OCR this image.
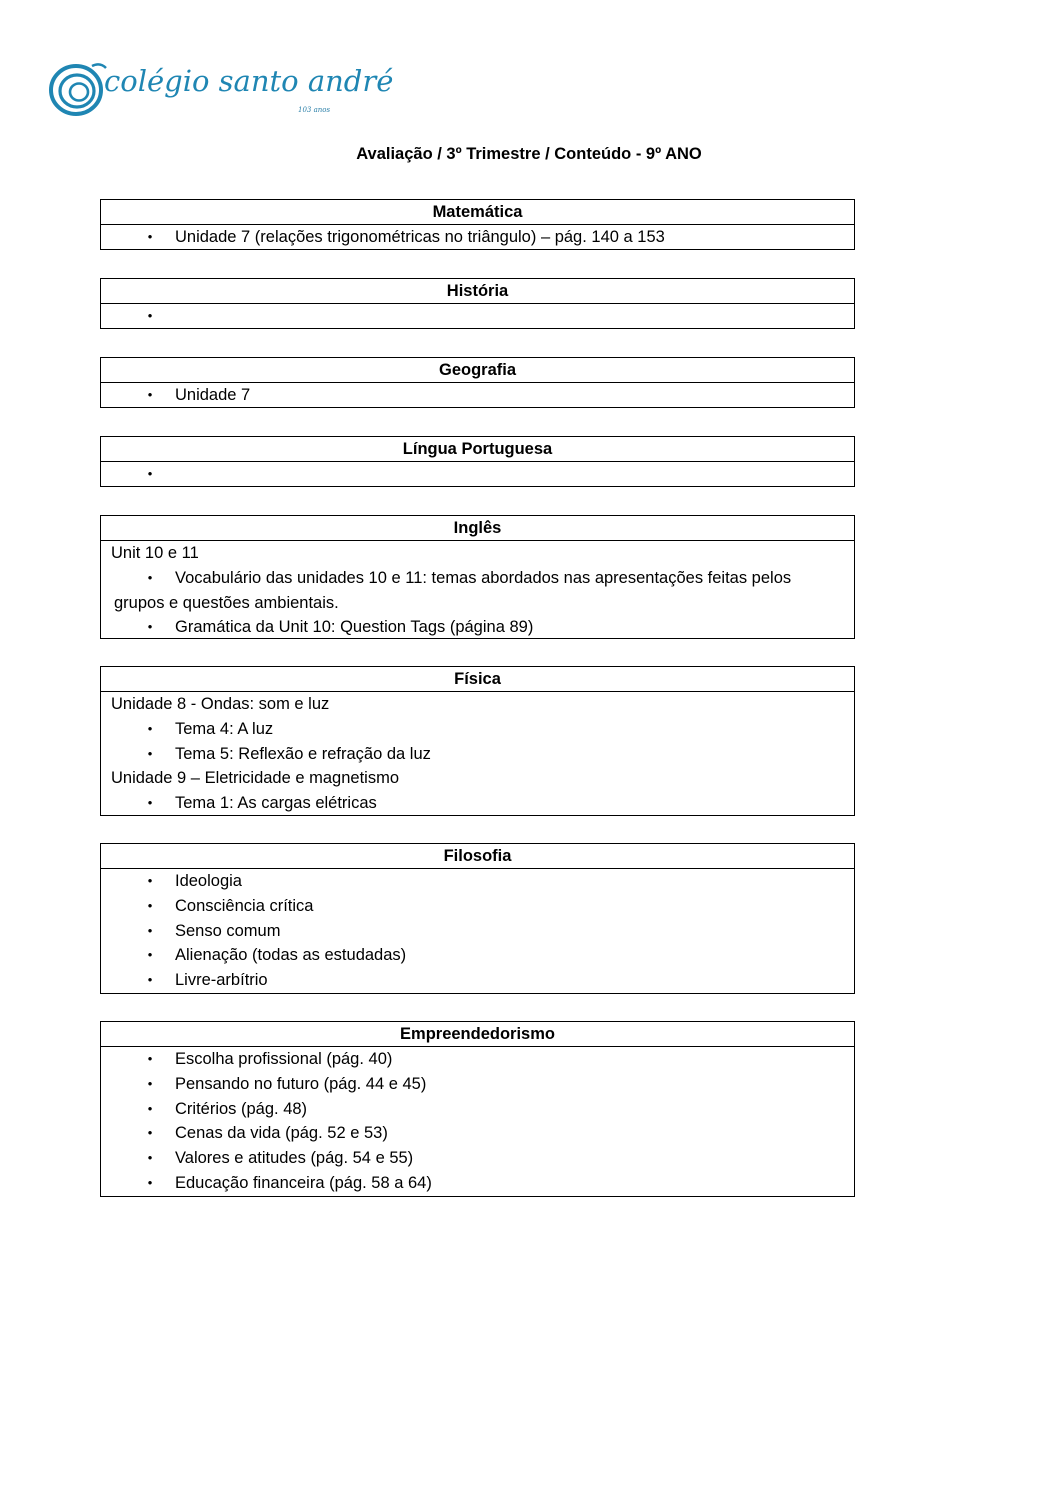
colégio santo andré
103 anos
Avaliação / 3º Trimestre / Conteúdo - 9º ANO
Matemática
• Unidade 7 (relações trigonométricas no triângulo) – pág. 140 a 153
História
•
Geografia
• Unidade 7
Língua Portuguesa
•
Inglês
Unit 10 e 11
• Vocabulário das unidades 10 e 11: temas abordados nas apresentações feitas pelos
grupos e questões ambientais.
• Gramática da Unit 10: Question Tags (página 89)
Física
Unidade 8 - Ondas: som e luz
• Tema 4: A luz
• Tema 5: Reflexão e refração da luz
Unidade 9 – Eletricidade e magnetismo
• Tema 1: As cargas elétricas
Filosofia
• Ideologia
• Consciência crítica
• Senso comum
• Alienação (todas as estudadas)
• Livre-arbítrio
Empreendedorismo
• Escolha profissional (pág. 40)
• Pensando no futuro (pág. 44 e 45)
• Critérios (pág. 48)
• Cenas da vida (pág. 52 e 53)
• Valores e atitudes (pág. 54 e 55)
• Educação financeira (pág. 58 a 64)
